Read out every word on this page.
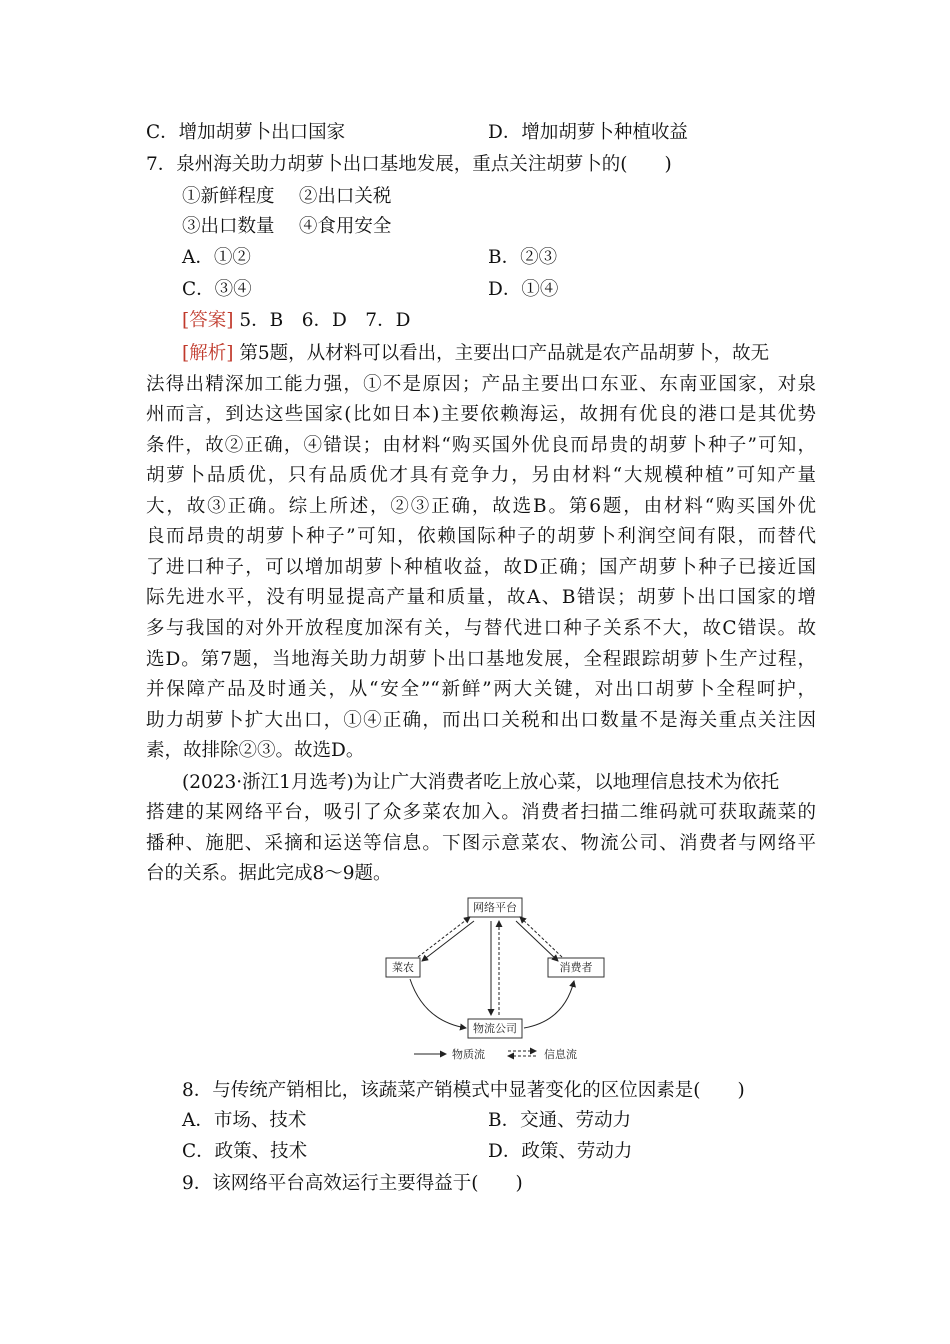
C．增加胡萝卜出口国家	D．增加胡萝卜种植收益
7．泉州海关助力胡萝卜出口基地发展，重点关注胡萝卜的(　　)
①新鲜程度　 ②出口关税
③出口数量　 ④食用安全
A．①②	B．②③
C．③④	D．①④
[答案] 5．B　6．D　7．D
[解析] 第5题，从材料可以看出，主要出口产品就是农产品胡萝卜，故无
法得出精深加工能力强，①不是原因；产品主要出口东亚、东南亚国家，对泉
州而言，到达这些国家(比如日本)主要依赖海运，故拥有优良的港口是其优势
条件，故②正确，④错误；由材料“购买国外优良而昂贵的胡萝卜种子”可知，
胡萝卜品质优，只有品质优才具有竞争力，另由材料“大规模种植”可知产量
大，故③正确。综上所述，②③正确，故选B。第6题，由材料“购买国外优
良而昂贵的胡萝卜种子”可知，依赖国际种子的胡萝卜利润空间有限，而替代
了进口种子，可以增加胡萝卜种植收益，故D正确；国产胡萝卜种子已接近国
际先进水平，没有明显提高产量和质量，故A、B错误；胡萝卜出口国家的增
多与我国的对外开放程度加深有关，与替代进口种子关系不大，故C错误。故
选D。第7题，当地海关助力胡萝卜出口基地发展，全程跟踪胡萝卜生产过程，
并保障产品及时通关，从“安全”“新鲜”两大关键，对出口胡萝卜全程呵护，
助力胡萝卜扩大出口，①④正确，而出口关税和出口数量不是海关重点关注因
素，故排除②③。故选D。
(2023·浙江1月选考)为让广大消费者吃上放心菜，以地理信息技术为依托
搭建的某网络平台，吸引了众多菜农加入。消费者扫描二维码就可获取蔬菜的
播种、施肥、采摘和运送等信息。下图示意菜农、物流公司、消费者与网络平
台的关系。据此完成8～9题。
网络平台
菜农	消费者
物流公司
物质流	信息流
8．与传统产销相比，该蔬菜产销模式中显著变化的区位因素是(　　)
A．市场、技术	B．交通、劳动力
C．政策、技术	D．政策、劳动力
9．该网络平台高效运行主要得益于(　　)
